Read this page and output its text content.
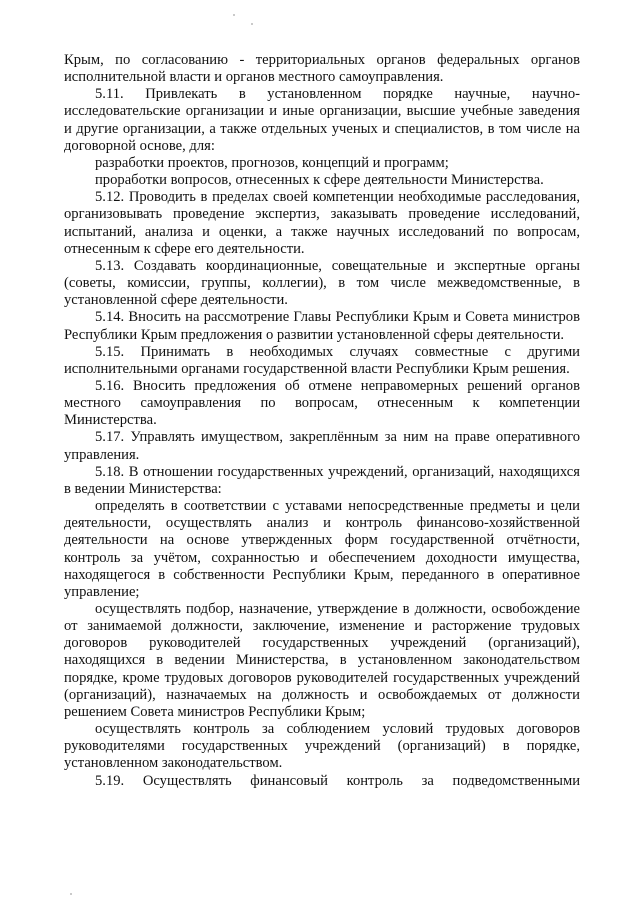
Крым, по согласованию - территориальных органов федеральных органов исполнительной власти и органов местного самоуправления.

5.11. Привлекать в установленном порядке научные, научно-исследовательские организации и иные организации, высшие учебные заведения и другие организации, а также отдельных ученых и специалистов, в том числе на договорной основе, для:

разработки проектов, прогнозов, концепций и программ;

проработки вопросов, отнесенных к сфере деятельности Министерства.

5.12. Проводить в пределах своей компетенции необходимые расследования, организовывать проведение экспертиз, заказывать проведение исследований, испытаний, анализа и оценки, а также научных исследований по вопросам, отнесенным к сфере его деятельности.

5.13. Создавать координационные, совещательные и экспертные органы (советы, комиссии, группы, коллегии), в том числе межведомственные, в установленной сфере деятельности.

5.14. Вносить на рассмотрение Главы Республики Крым и Совета министров Республики Крым предложения о развитии установленной сферы деятельности.

5.15. Принимать в необходимых случаях совместные с другими исполнительными органами государственной власти Республики Крым решения.

5.16. Вносить предложения об отмене неправомерных решений органов местного самоуправления по вопросам, отнесенным к компетенции Министерства.

5.17. Управлять имуществом, закреплённым за ним на праве оперативного управления.

5.18. В отношении государственных учреждений, организаций, находящихся в ведении Министерства:

определять в соответствии с уставами непосредственные предметы и цели деятельности, осуществлять анализ и контроль финансово-хозяйственной деятельности на основе утвержденных форм государственной отчётности, контроль за учётом, сохранностью и обеспечением доходности имущества, находящегося в собственности Республики Крым, переданного в оперативное управление;

осуществлять подбор, назначение, утверждение в должности, освобождение от занимаемой должности, заключение, изменение и расторжение трудовых договоров руководителей государственных учреждений (организаций), находящихся в ведении Министерства, в установленном законодательством порядке, кроме трудовых договоров руководителей государственных учреждений (организаций), назначаемых на должность и освобождаемых от должности решением Совета министров Республики Крым;

осуществлять контроль за соблюдением условий трудовых договоров руководителями государственных учреждений (организаций) в порядке, установленном законодательством.

5.19. Осуществлять финансовый контроль за подведомственными
